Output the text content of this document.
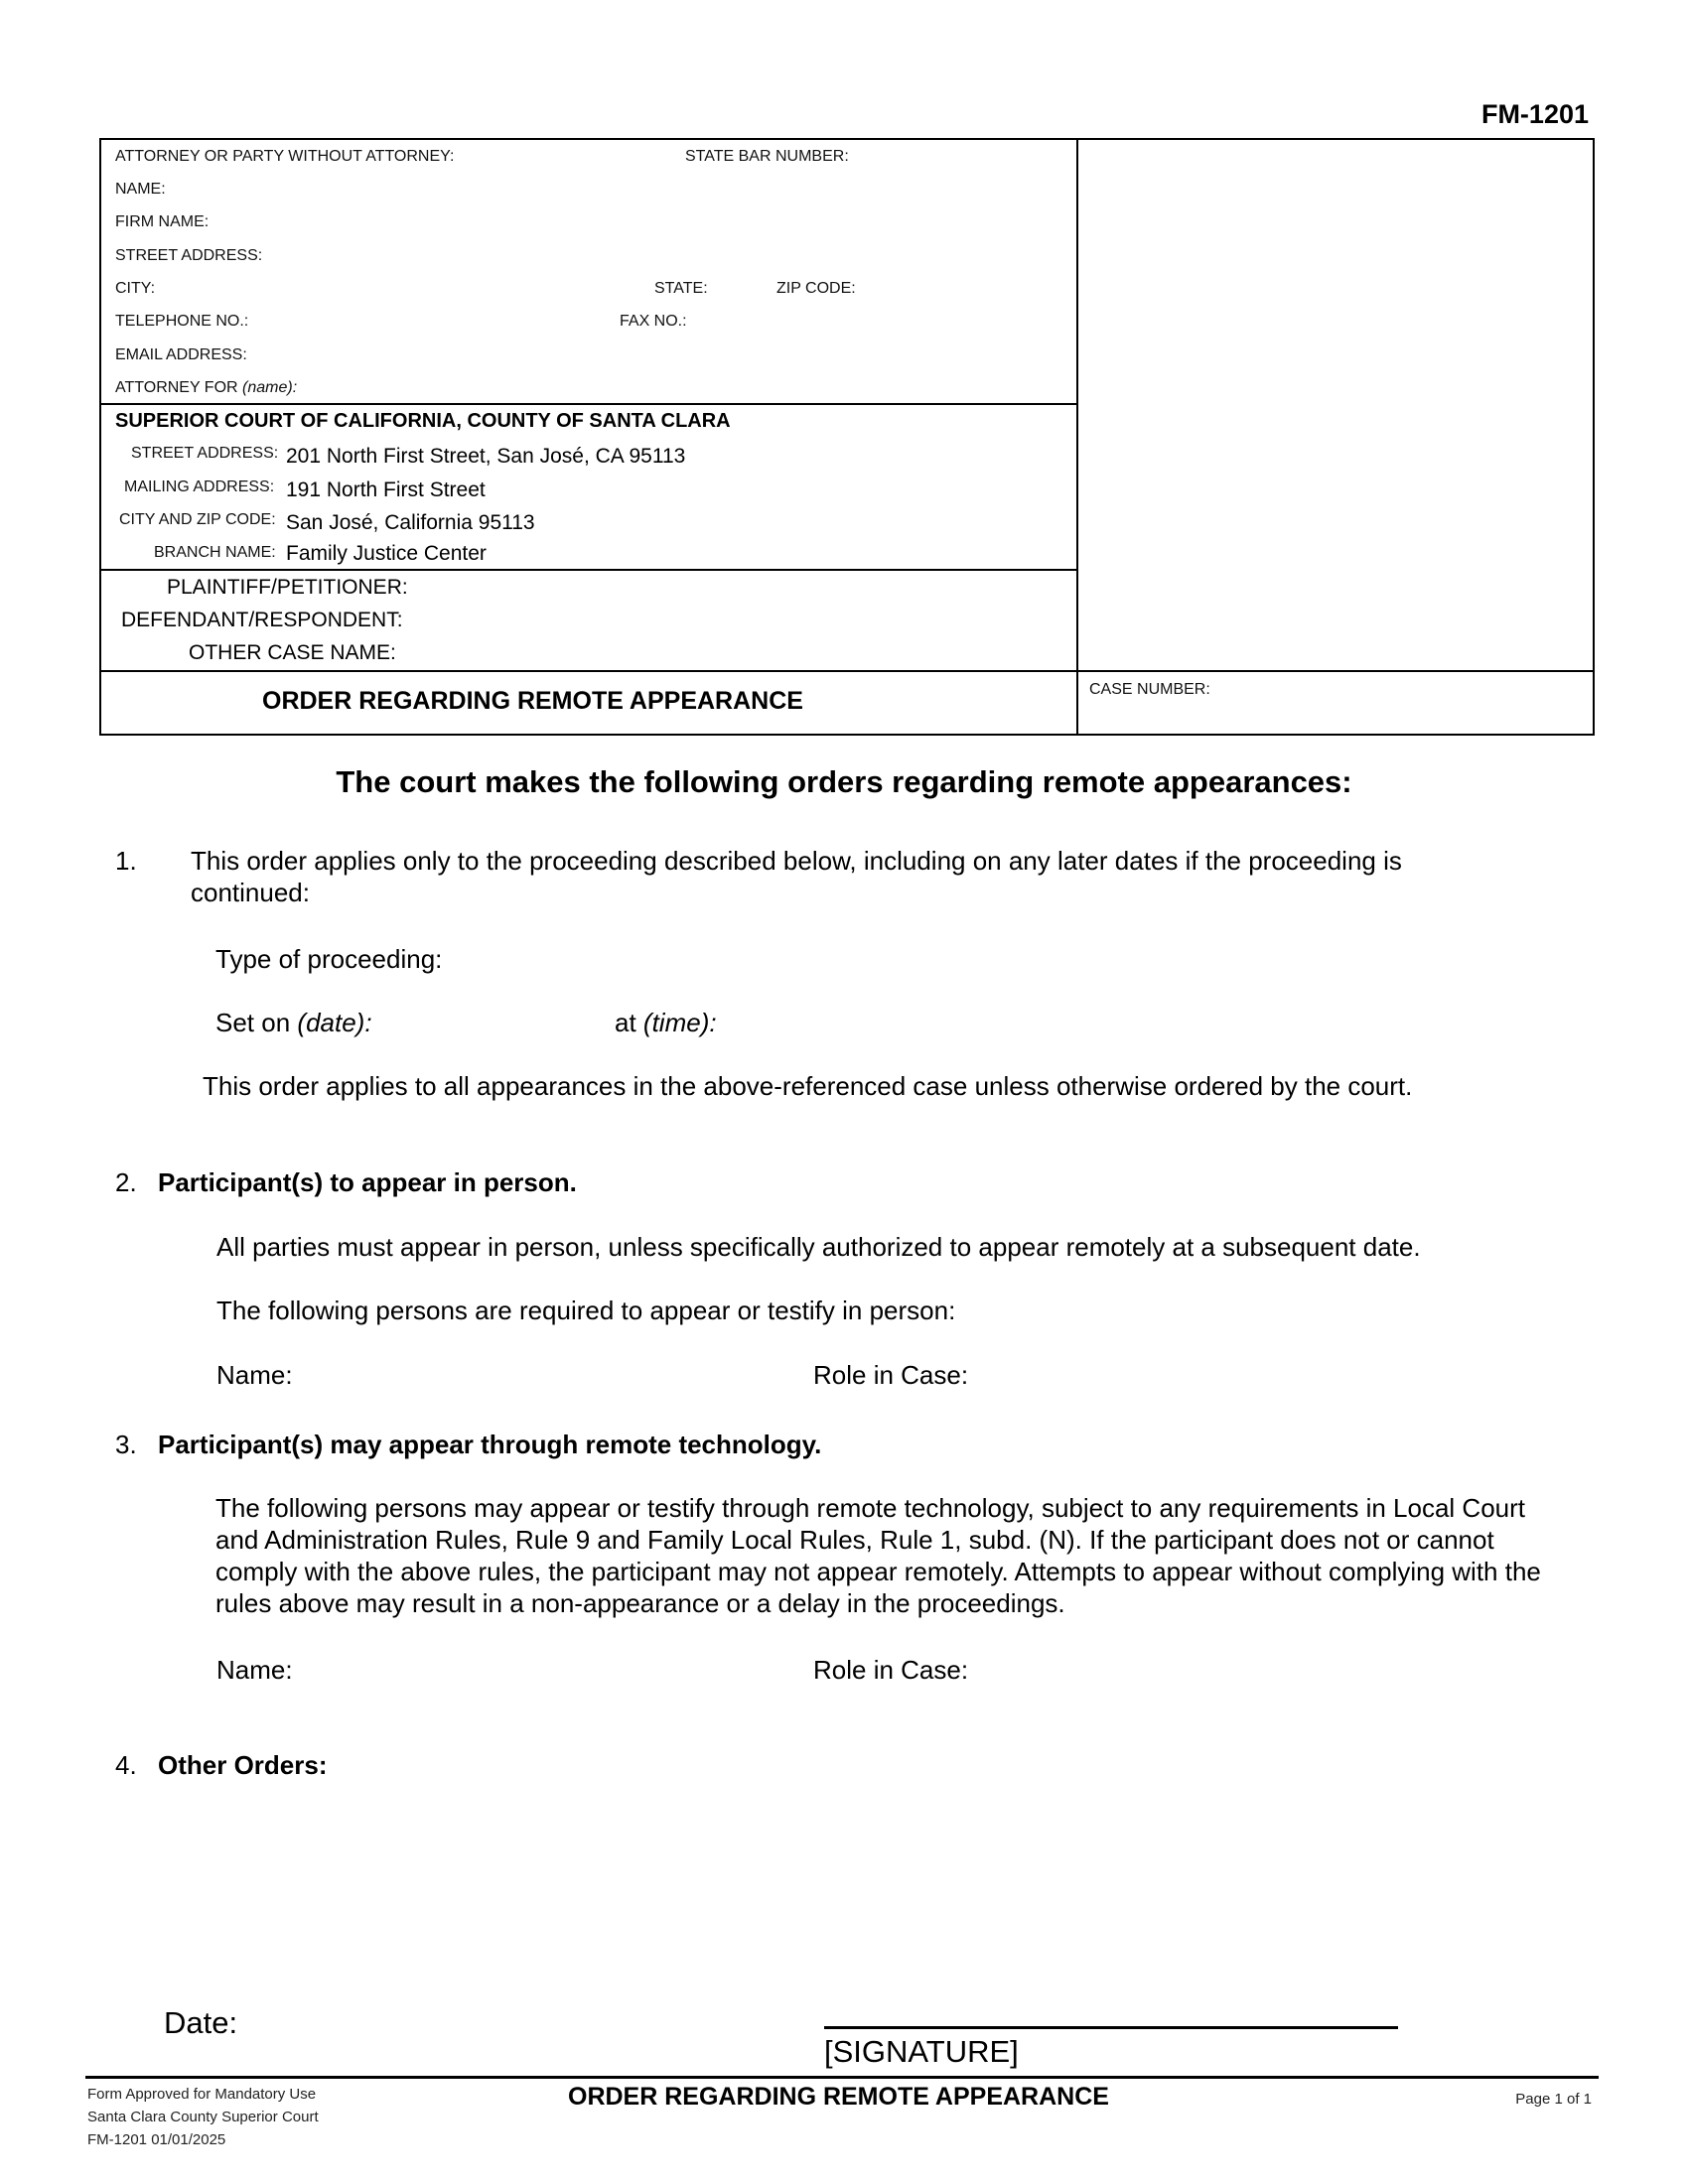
FM-1201
ATTORNEY OR PARTY WITHOUT ATTORNEY:	STATE BAR NUMBER:
NAME:
FIRM NAME:
STREET ADDRESS:
CITY:	STATE:	ZIP CODE:
TELEPHONE NO.:	FAX NO.:
EMAIL ADDRESS:
ATTORNEY FOR (name):
SUPERIOR COURT OF CALIFORNIA, COUNTY OF SANTA CLARA
STREET ADDRESS: 201 North First Street, San José, CA 95113
MAILING ADDRESS: 191 North First Street
CITY AND ZIP CODE: San José, California 95113
BRANCH NAME: Family Justice Center
PLAINTIFF/PETITIONER:
DEFENDANT/RESPONDENT:
OTHER CASE NAME:
ORDER REGARDING REMOTE APPEARANCE	CASE NUMBER:
The court makes the following orders regarding remote appearances:
1. This order applies only to the proceeding described below, including on any later dates if the proceeding is continued:
Type of proceeding:
Set on (date):	at (time):
This order applies to all appearances in the above-referenced case unless otherwise ordered by the court.
2. Participant(s) to appear in person.
All parties must appear in person, unless specifically authorized to appear remotely at a subsequent date.
The following persons are required to appear or testify in person:
Name:	Role in Case:
3. Participant(s) may appear through remote technology.
The following persons may appear or testify through remote technology, subject to any requirements in Local Court and Administration Rules, Rule 9 and Family Local Rules, Rule 1, subd. (N). If the participant does not or cannot comply with the above rules, the participant may not appear remotely. Attempts to appear without complying with the rules above may result in a non-appearance or a delay in the proceedings.
Name:	Role in Case:
4. Other Orders:
Date:
[SIGNATURE]
Form Approved for Mandatory Use
Santa Clara County Superior Court
FM-1201 01/01/2025
ORDER REGARDING REMOTE APPEARANCE	Page 1 of 1
